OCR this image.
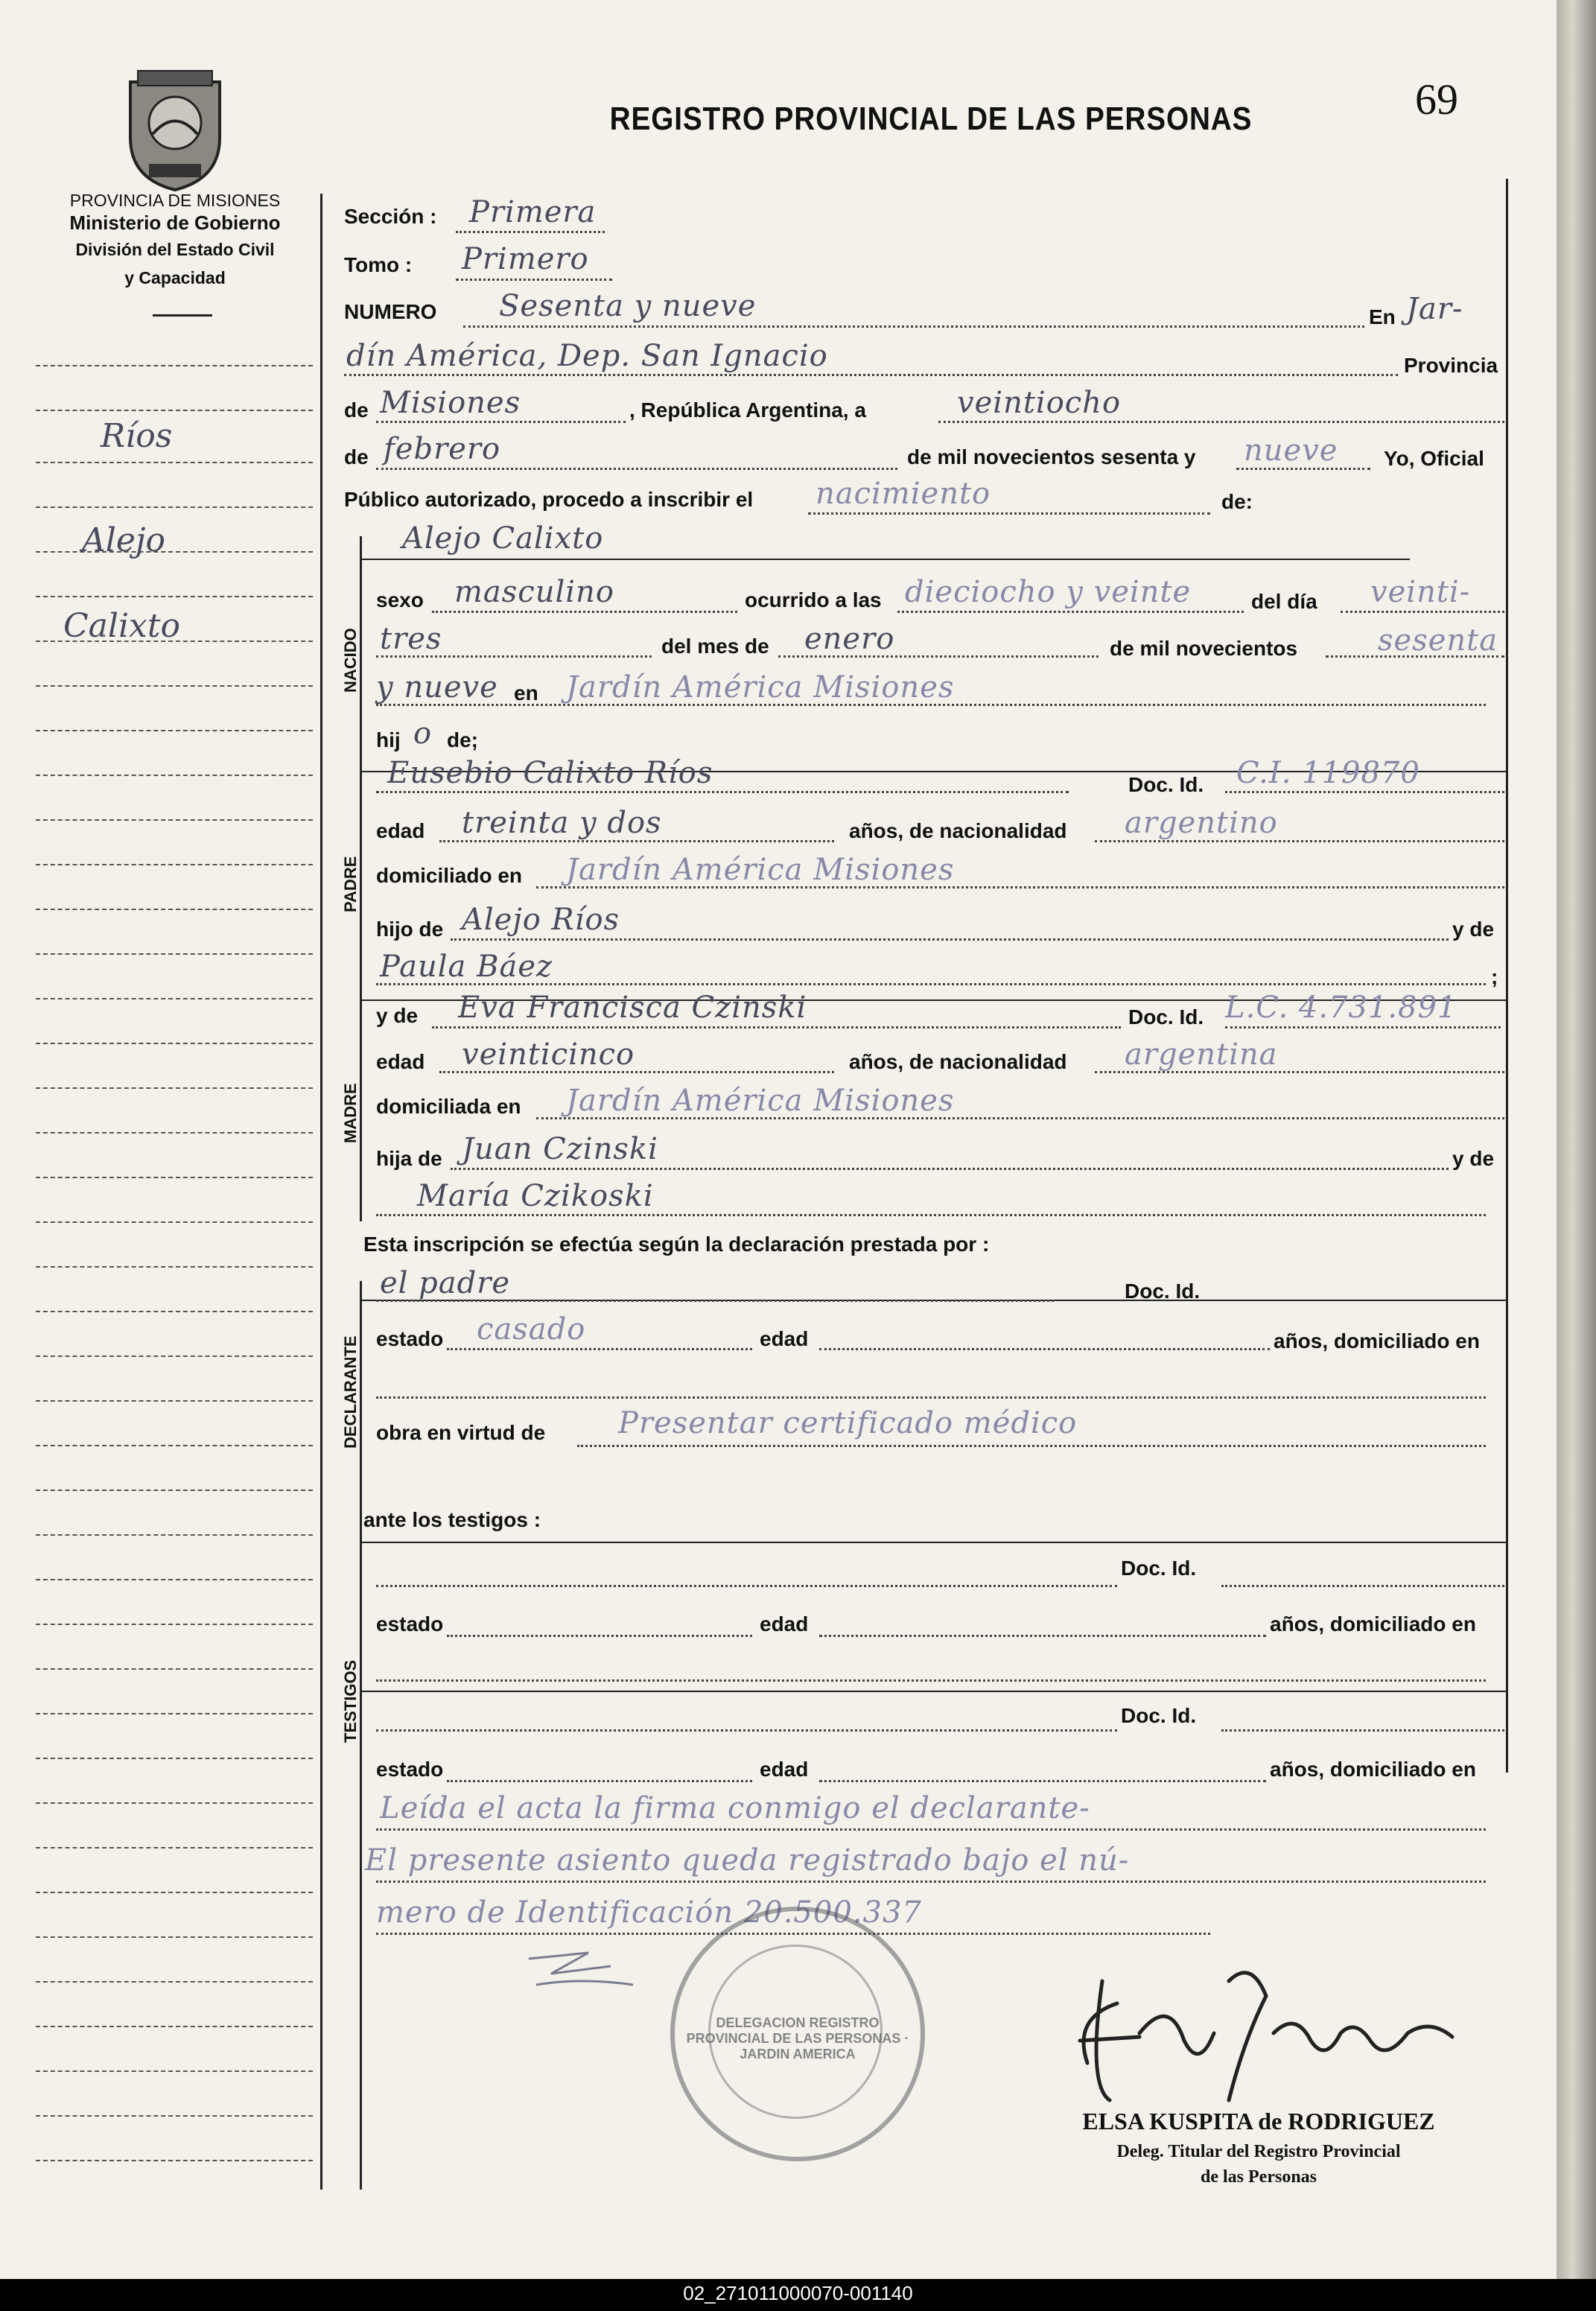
PROVINCIA DE MISIONES
Ministerio de Gobierno
División del Estado Civil
y Capacidad
REGISTRO PROVINCIAL DE LAS PERSONAS	69
Ríos
Alejo
Calixto
Sección : Primera
Tomo : Primero
NUMERO Sesenta y nueve	En Jar-
dín América, Dep. San Ignacio	Provincia
de Misiones	, República Argentina, a	veintiocho
de febrero	de mil novecientos sesenta y nueve Yo, Oficial
Público autorizado, procedo a inscribir el nacimiento	de:
Alejo Calixto
NACIDO
sexo masculino	ocurrido a las dieciocho y veinte	del día veinti-
tres	del mes de enero	de mil novecientos	sesenta
y nueve en Jardín América Misiones
hij o de;
PADRE
Eusebio Calixto Ríos	Doc. Id. C.I. 119870
edad treinta y dos	años, de nacionalidad argentino
domiciliado en Jardín América Misiones
hijo de Alejo Ríos	y de
Paula Báez	;
MADRE
y de Eva Francisca Czinski	Doc. Id. L.C. 4.731.891
edad veinticinco	años, de nacionalidad argentina
domiciliada en Jardín América Misiones
hija de Juan Czinski	y de
María Czikoski
Esta inscripción se efectúa según la declaración prestada por :
DECLARANTE
el padre	Doc. Id.
estado casado	edad	años, domiciliado en
obra en virtud de Presentar certificado médico
ante los testigos :
TESTIGOS
Doc. Id.
estado	edad	años, domiciliado en
Doc. Id.
estado	edad	años, domiciliado en
Leída el acta la firma conmigo el declarante-
El presente asiento queda registrado bajo el nú-
mero de Identificación 20.500.337
DELEGACION REGISTRO PROVINCIAL DE LAS PERSONAS · JARDIN AMERICA
ELSA KUSPITA de RODRIGUEZ
Deleg. Titular del Registro Provincial
de las Personas
02_271011000070-001140
